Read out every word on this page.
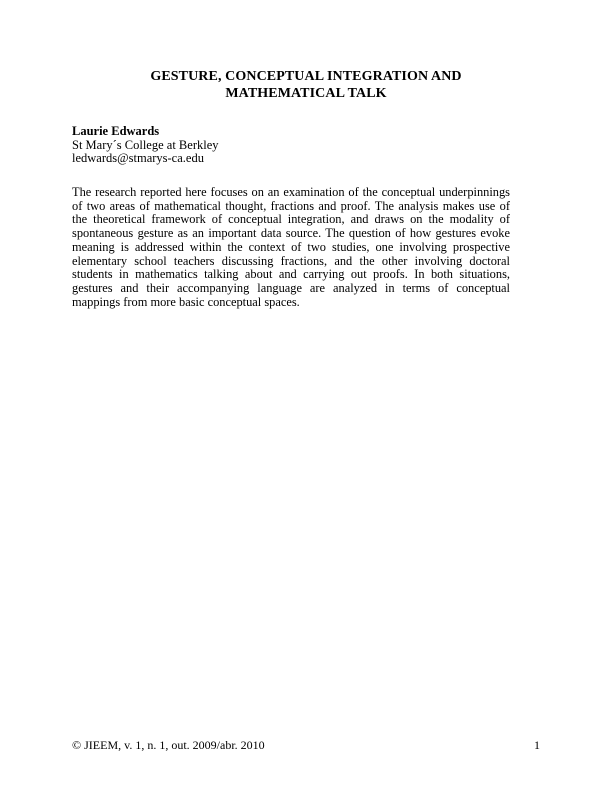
GESTURE, CONCEPTUAL INTEGRATION AND
MATHEMATICAL TALK
Laurie Edwards
St Mary´s College at Berkley
ledwards@stmarys-ca.edu
The research reported here focuses on an examination of the conceptual underpinnings of two areas of mathematical thought, fractions and proof. The analysis makes use of the theoretical framework of conceptual integration, and draws on the modality of spontaneous gesture as an important data source. The question of how gestures evoke meaning is addressed within the context of two studies, one involving prospective elementary school teachers discussing fractions, and the other involving doctoral students in mathematics talking about and carrying out proofs. In both situations, gestures and their accompanying language are analyzed in terms of conceptual mappings from more basic conceptual spaces.
© JIEEM, v. 1, n. 1, out. 2009/abr. 2010	1
